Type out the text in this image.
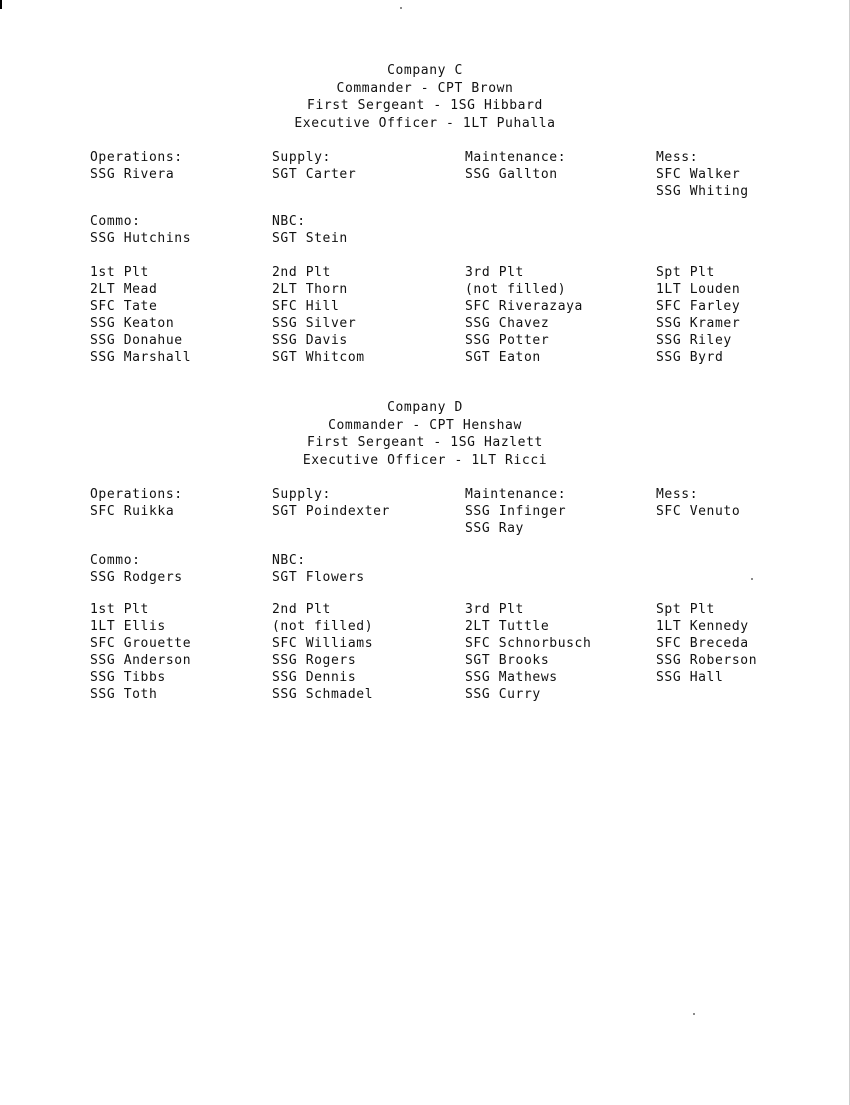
Company C
Commander - CPT Brown
First Sergeant - 1SG Hibbard
Executive Officer - 1LT Puhalla
Operations:
SSG Rivera
Supply:
SGT Carter
Maintenance:
SSG Gallton
Mess:
SFC Walker
SSG Whiting
Commo:
SSG Hutchins
NBC:
SGT Stein
1st Plt
2LT Mead
SFC Tate
SSG Keaton
SSG Donahue
SSG Marshall
2nd Plt
2LT Thorn
SFC Hill
SSG Silver
SSG Davis
SGT Whitcom
3rd Plt
(not filled)
SFC Riverazaya
SSG Chavez
SSG Potter
SGT Eaton
Spt Plt
1LT Louden
SFC Farley
SSG Kramer
SSG Riley
SSG Byrd
Company D
Commander - CPT Henshaw
First Sergeant - 1SG Hazlett
Executive Officer - 1LT Ricci
Operations:
SFC Ruikka
Supply:
SGT Poindexter
Maintenance:
SSG Infinger
SSG Ray
Mess:
SFC Venuto
Commo:
SSG Rodgers
NBC:
SGT Flowers
1st Plt
1LT Ellis
SFC Grouette
SSG Anderson
SSG Tibbs
SSG Toth
2nd Plt
(not filled)
SFC Williams
SSG Rogers
SSG Dennis
SSG Schmadel
3rd Plt
2LT Tuttle
SFC Schnorbusch
SGT Brooks
SSG Mathews
SSG Curry
Spt Plt
1LT Kennedy
SFC Breceda
SSG Roberson
SSG Hall
